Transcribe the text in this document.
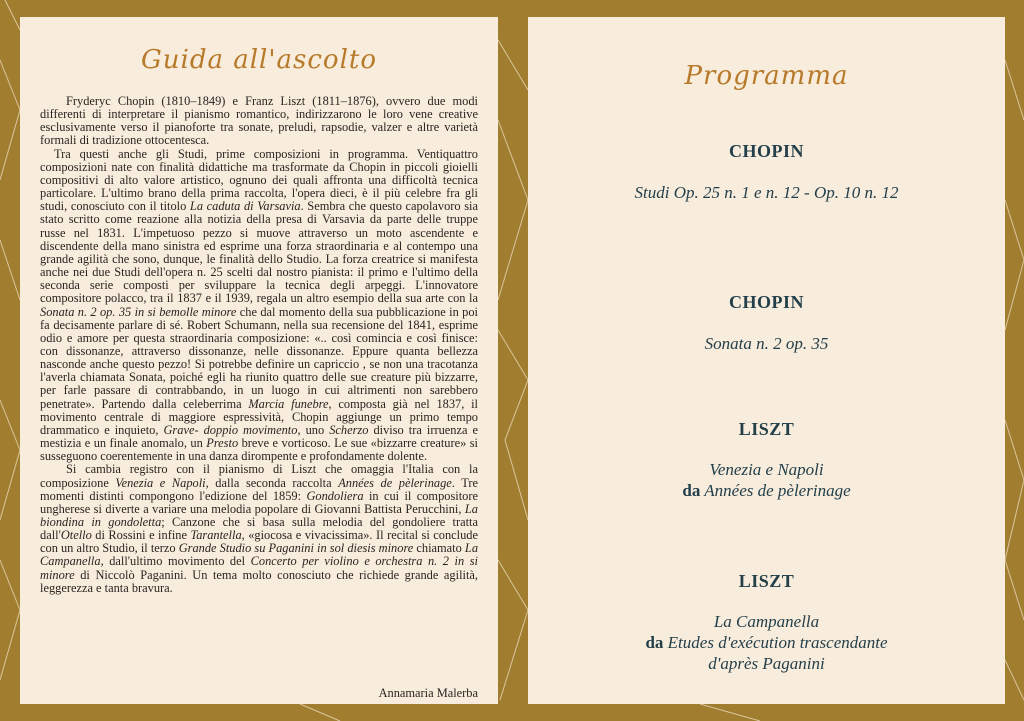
Guida all'ascolto

Fryderyc Chopin (1810–1849) e Franz Liszt (1811–1876), ovvero due modi differenti di interpretare il pianismo romantico, indirizzarono le loro vene creative esclusivamente verso il pianoforte tra sonate, preludi, rapsodie, valzer e altre varietà formali di tradizione ottocentesca.

Tra questi anche gli Studi, prime composizioni in programma. Ventiquattro composizioni nate con finalità didattiche ma trasformate da Chopin in piccoli gioielli compositivi di alto valore artistico, ognuno dei quali affronta una difficoltà tecnica particolare. L'ultimo brano della prima raccolta, l'opera dieci, è il più celebre fra gli studi, conosciuto con il titolo La caduta di Varsavia. Sembra che questo capolavoro sia stato scritto come reazione alla notizia della presa di Varsavia da parte delle truppe russe nel 1831. L'impetuoso pezzo si muove attraverso un moto ascendente e discendente della mano sinistra ed esprime una forza straordinaria e al contempo una grande agilità che sono, dunque, le finalità dello Studio. La forza creatrice si manifesta anche nei due Studi dell'opera n. 25 scelti dal nostro pianista: il primo e l'ultimo della seconda serie composti per sviluppare la tecnica degli arpeggi. L'innovatore compositore polacco, tra il 1837 e il 1939, regala un altro esempio della sua arte con la Sonata n. 2 op. 35 in si bemolle minore che dal momento della sua pubblicazione in poi fa decisamente parlare di sé. Robert Schumann, nella sua recensione del 1841, esprime odio e amore per questa straordinaria composizione: «.. così comincia e così finisce: con dissonanze, attraverso dissonanze, nelle dissonanze. Eppure quanta bellezza nasconde anche questo pezzo! Si potrebbe definire un capriccio , se non una tracotanza l'averla chiamata Sonata, poiché egli ha riunito quattro delle sue creature più bizzarre, per farle passare di contrabbando, in un luogo in cui altrimenti non sarebbero penetrate». Partendo dalla celeberrima Marcia funebre, composta già nel 1837, il movimento centrale di maggiore espressività, Chopin aggiunge un primo tempo drammatico e inquieto, Grave- doppio movimento, uno Scherzo diviso tra irruenza e mestizia e un finale anomalo, un Presto breve e vorticoso. Le sue «bizzarre creature» si susseguono coerentemente in una danza dirompente e profondamente dolente.

Si cambia registro con il pianismo di Liszt che omaggia l'Italia con la composizione Venezia e Napoli, dalla seconda raccolta Années de pèlerinage. Tre momenti distinti compongono l'edizione del 1859: Gondoliera in cui il compositore ungherese si diverte a variare una melodia popolare di Giovanni Battista Perucchini, La biondina in gondoletta; Canzone che si basa sulla melodia del gondoliere tratta dall'Otello di Rossini e infine Tarantella, «giocosa e vivacissima». Il recital si conclude con un altro Studio, il terzo Grande Studio su Paganini in sol diesis minore chiamato La Campanella, dall'ultimo movimento del Concerto per violino e orchestra n. 2 in si minore di Niccolò Paganini. Un tema molto conosciuto che richiede grande agilità, leggerezza e tanta bravura.

Annamaria Malerba
Programma
CHOPIN
Studi Op. 25 n. 1 e n. 12 - Op. 10 n. 12
CHOPIN
Sonata n. 2 op. 35
LISZT
Venezia e Napoli
da Années de pèlerinage
LISZT
La Campanella
da Etudes d'exécution trascendante
d'après Paganini
